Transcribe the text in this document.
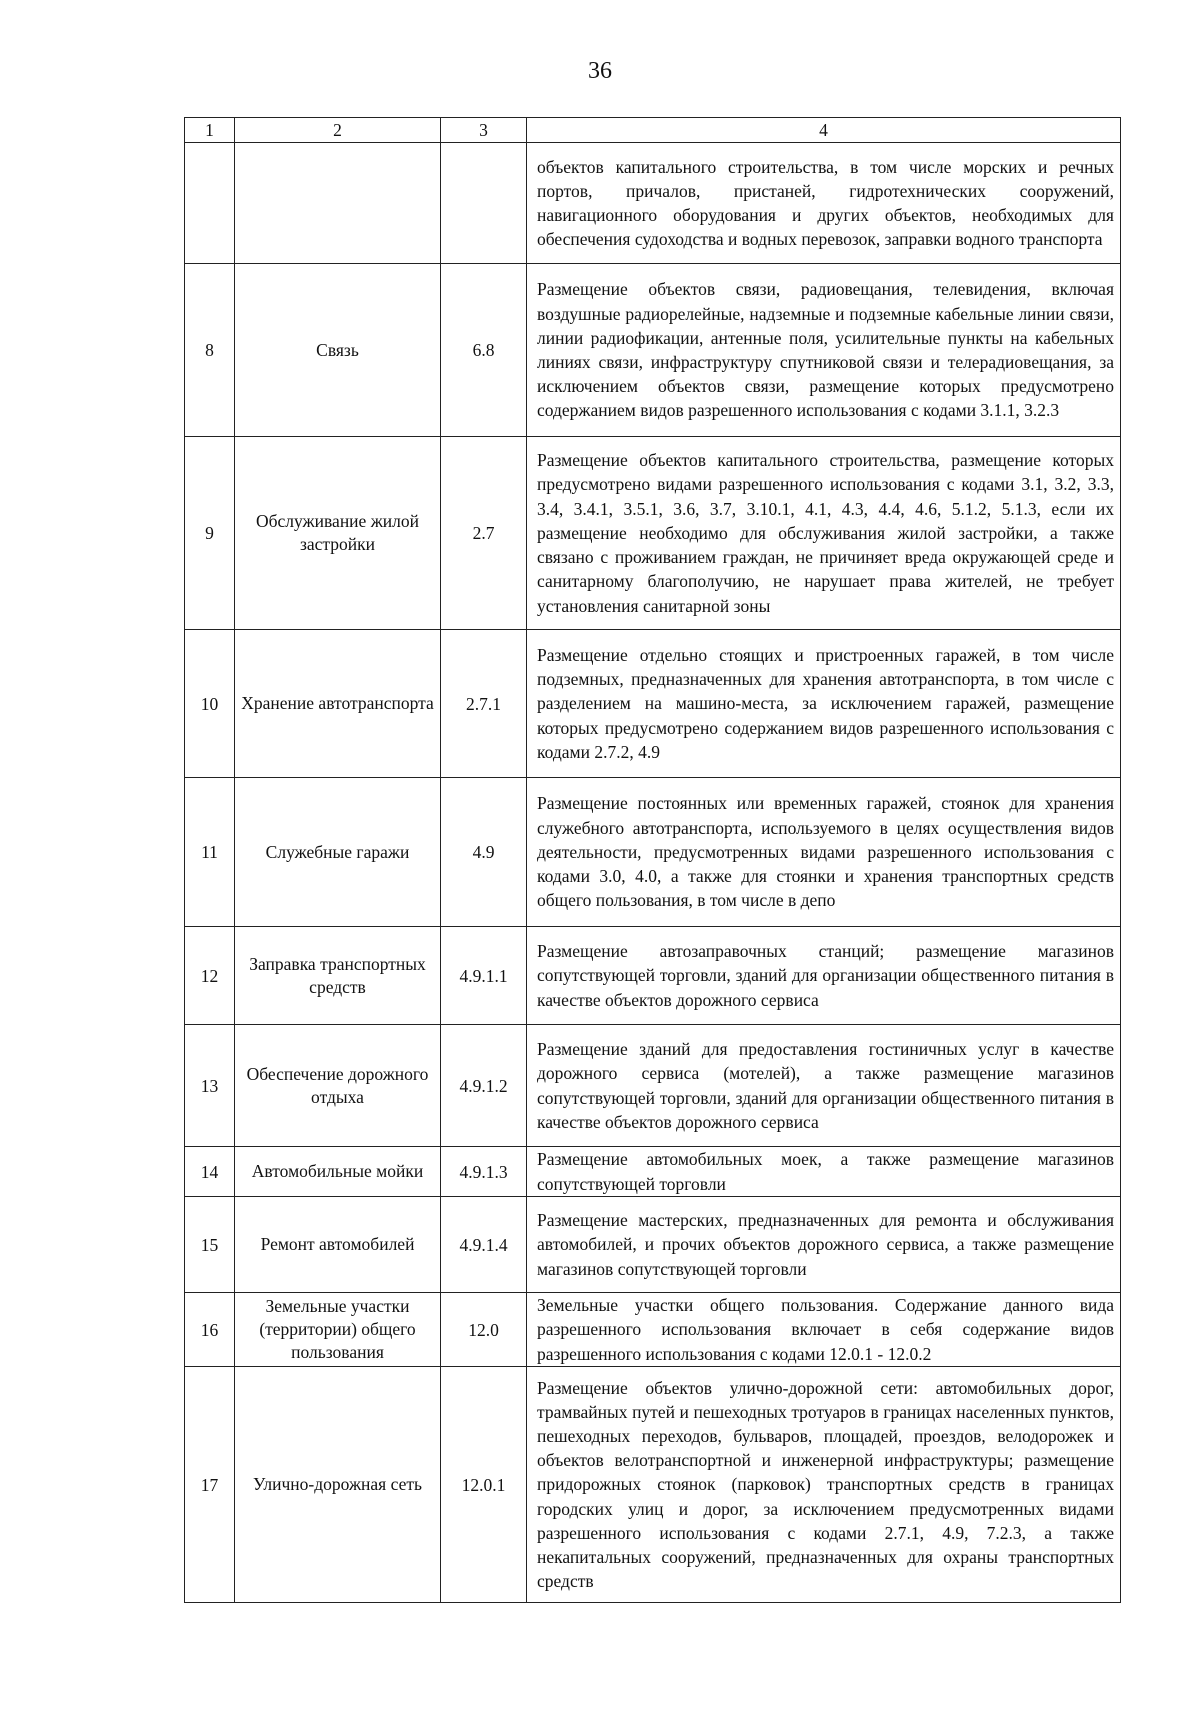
36
1	2	3	4
			объектов капитального строительства, в том числе морских и речных портов, причалов, пристаней, гидротехнических сооружений, навигационного оборудования и других объектов, необходимых для обеспечения судоходства и водных перевозок, заправки водного транспорта
8	Связь	6.8	Размещение объектов связи, радиовещания, телевидения, включая воздушные радиорелейные, надземные и подземные кабельные линии связи, линии радиофикации, антенные поля, усилительные пункты на кабельных линиях связи, инфраструктуру спутниковой связи и телерадиовещания, за исключением объектов связи, размещение которых предусмотрено содержанием видов разрешенного использования с кодами 3.1.1, 3.2.3
9	Обслуживание жилой застройки	2.7	Размещение объектов капитального строительства, размещение которых предусмотрено видами разрешенного использования с кодами 3.1, 3.2, 3.3, 3.4, 3.4.1, 3.5.1, 3.6, 3.7, 3.10.1, 4.1, 4.3, 4.4, 4.6, 5.1.2, 5.1.3, если их размещение необходимо для обслуживания жилой застройки, а также связано с проживанием граждан, не причиняет вреда окружающей среде и санитарному благополучию, не нарушает права жителей, не требует установления санитарной зоны
10	Хранение автотранспорта	2.7.1	Размещение отдельно стоящих и пристроенных гаражей, в том числе подземных, предназначенных для хранения автотранспорта, в том числе с разделением на машино-места, за исключением гаражей, размещение которых предусмотрено содержанием видов разрешенного использования с кодами 2.7.2, 4.9
11	Служебные гаражи	4.9	Размещение постоянных или временных гаражей, стоянок для хранения служебного автотранспорта, используемого в целях осуществления видов деятельности, предусмотренных видами разрешенного использования с кодами 3.0, 4.0, а также для стоянки и хранения транспортных средств общего пользования, в том числе в депо
12	Заправка транспортных средств	4.9.1.1	Размещение автозаправочных станций; размещение магазинов сопутствующей торговли, зданий для организации общественного питания в качестве объектов дорожного сервиса
13	Обеспечение дорожного отдыха	4.9.1.2	Размещение зданий для предоставления гостиничных услуг в качестве дорожного сервиса (мотелей), а также размещение магазинов сопутствующей торговли, зданий для организации общественного питания в качестве объектов дорожного сервиса
14	Автомобильные мойки	4.9.1.3	Размещение автомобильных моек, а также размещение магазинов сопутствующей торговли
15	Ремонт автомобилей	4.9.1.4	Размещение мастерских, предназначенных для ремонта и обслуживания автомобилей, и прочих объектов дорожного сервиса, а также размещение магазинов сопутствующей торговли
16	Земельные участки (территории) общего пользования	12.0	Земельные участки общего пользования. Содержание данного вида разрешенного использования включает в себя содержание видов разрешенного использования с кодами 12.0.1 - 12.0.2
17	Улично-дорожная сеть	12.0.1	Размещение объектов улично-дорожной сети: автомобильных дорог, трамвайных путей и пешеходных тротуаров в границах населенных пунктов, пешеходных переходов, бульваров, площадей, проездов, велодорожек и объектов велотранспортной и инженерной инфраструктуры; размещение придорожных стоянок (парковок) транспортных средств в границах городских улиц и дорог, за исключением предусмотренных видами разрешенного использования с кодами 2.7.1, 4.9, 7.2.3, а также некапитальных сооружений, предназначенных для охраны транспортных средств
